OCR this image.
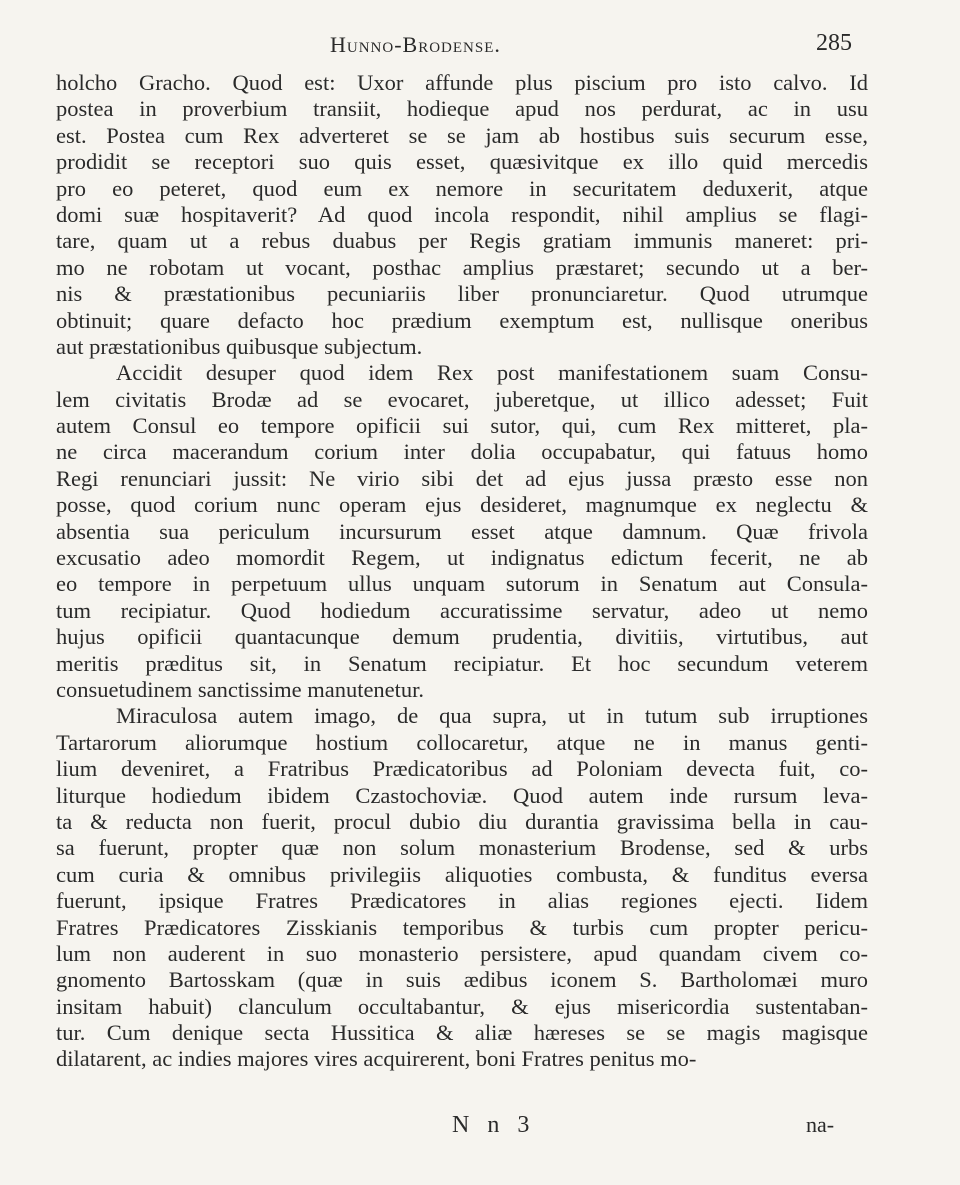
Hunno-Brodense.	285
holcho Gracho. Quod est: Uxor affunde plus piscium pro isto calvo. Id
postea in proverbium transiit, hodieque apud nos perdurat, ac in usu
est. Postea cum Rex adverteret se se jam ab hostibus suis securum esse,
prodidit se receptori suo quis esset, quæsivitque ex illo quid mercedis
pro eo peteret, quod eum ex nemore in securitatem deduxerit, atque
domi suæ hospitaverit? Ad quod incola respondit, nihil amplius se flagi-
tare, quam ut a rebus duabus per Regis gratiam immunis maneret: pri-
mo ne robotam ut vocant, posthac amplius præstaret; secundo ut a ber-
nis & præstationibus pecuniariis liber pronunciaretur. Quod utrumque
obtinuit; quare defacto hoc prædium exemptum est, nullisque oneribus
aut præstationibus quibusque subjectum.
Accidit desuper quod idem Rex post manifestationem suam Consu-
lem civitatis Brodæ ad se evocaret, juberetque, ut illico adesset; Fuit
autem Consul eo tempore opificii sui sutor, qui, cum Rex mitteret, pla-
ne circa macerandum corium inter dolia occupabatur, qui fatuus homo
Regi renunciari jussit: Ne virio sibi det ad ejus jussa præsto esse non
posse, quod corium nunc operam ejus desideret, magnumque ex neglectu &
absentia sua periculum incursurum esset atque damnum. Quæ frivola
excusatio adeo momordit Regem, ut indignatus edictum fecerit, ne ab
eo tempore in perpetuum ullus unquam sutorum in Senatum aut Consula-
tum recipiatur. Quod hodiedum accuratissime servatur, adeo ut nemo
hujus opificii quantacunque demum prudentia, divitiis, virtutibus, aut
meritis præditus sit, in Senatum recipiatur. Et hoc secundum veterem
consuetudinem sanctissime manutenetur.
Miraculosa autem imago, de qua supra, ut in tutum sub irruptiones
Tartarorum aliorumque hostium collocaretur, atque ne in manus genti-
lium deveniret, a Fratribus Prædicatoribus ad Poloniam devecta fuit, co-
liturque hodiedum ibidem Czastochoviæ. Quod autem inde rursum leva-
ta & reducta non fuerit, procul dubio diu durantia gravissima bella in cau-
sa fuerunt, propter quæ non solum monasterium Brodense, sed & urbs
cum curia & omnibus privilegiis aliquoties combusta, & funditus eversa
fuerunt, ipsique Fratres Prædicatores in alias regiones ejecti. Iidem
Fratres Prædicatores Zisskianis temporibus & turbis cum propter pericu-
lum non auderent in suo monasterio persistere, apud quandam civem co-
gnomento Bartosskam (quæ in suis ædibus iconem S. Bartholomæi muro
insitam habuit) clanculum occultabantur, & ejus misericordia sustentaban-
tur. Cum denique secta Hussitica & aliæ hæreses se se magis magisque
dilatarent, ac indies majores vires acquirerent, boni Fratres penitus mo-
N n 3	na-
